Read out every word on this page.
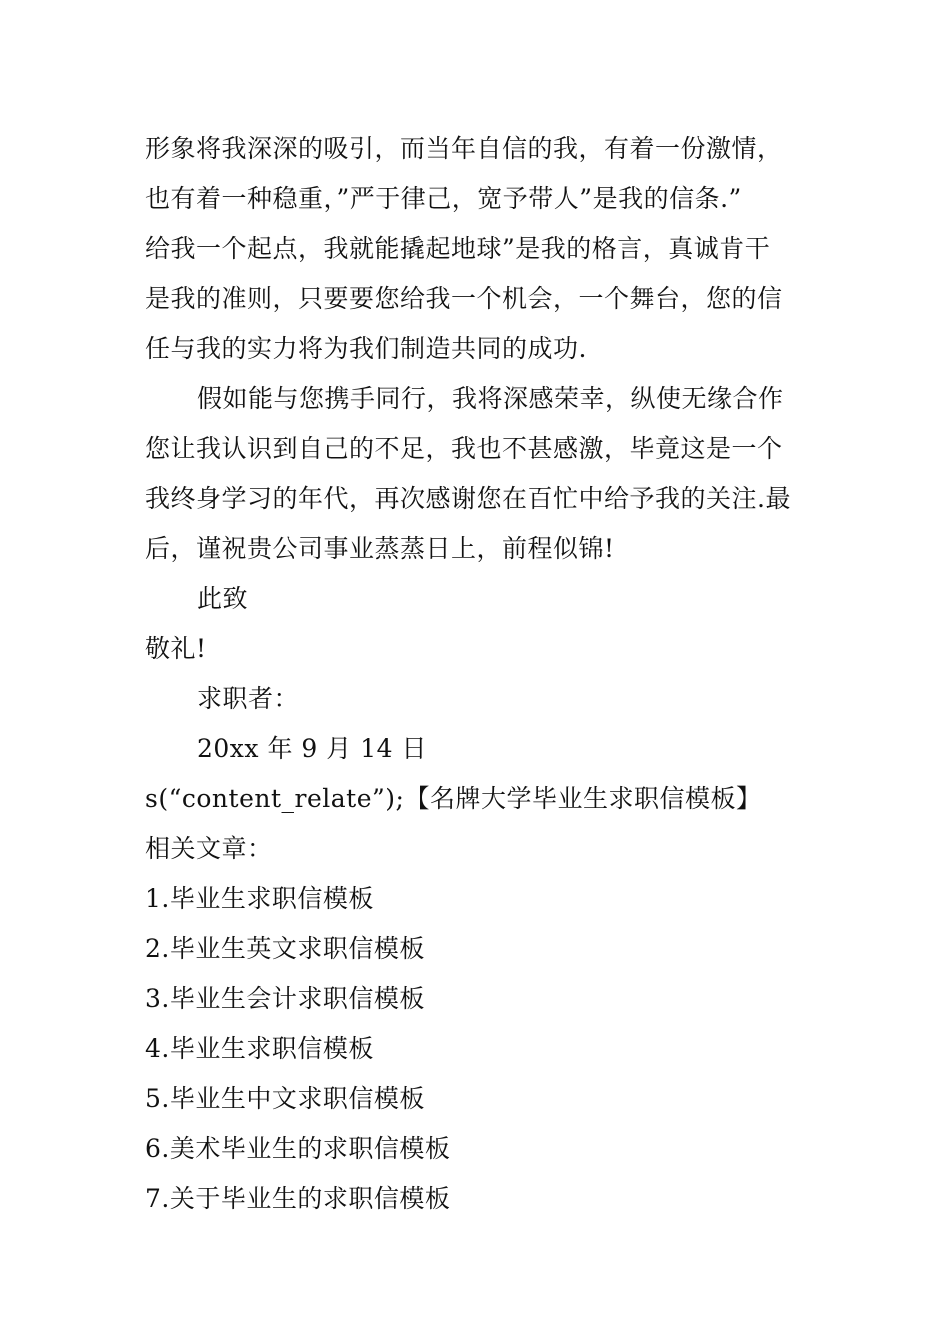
形象将我深深的吸引，而当年自信的我，有着一份激情，
也有着一种稳重，”严于律己，宽予带人”是我的信条.”
给我一个起点，我就能撬起地球”是我的格言，真诚肯干
是我的准则，只要要您给我一个机会，一个舞台，您的信
任与我的实力将为我们制造共同的成功.
假如能与您携手同行，我将深感荣幸，纵使无缘合作
您让我认识到自己的不足，我也不甚感激，毕竟这是一个
我终身学习的年代，再次感谢您在百忙中给予我的关注.最
后，谨祝贵公司事业蒸蒸日上，前程似锦!
此致
敬礼!
求职者：
20xx 年 9 月 14 日
s(“content_relate”);【名牌大学毕业生求职信模板】
相关文章：
1.毕业生求职信模板
2.毕业生英文求职信模板
3.毕业生会计求职信模板
4.毕业生求职信模板
5.毕业生中文求职信模板
6.美术毕业生的求职信模板
7.关于毕业生的求职信模板
